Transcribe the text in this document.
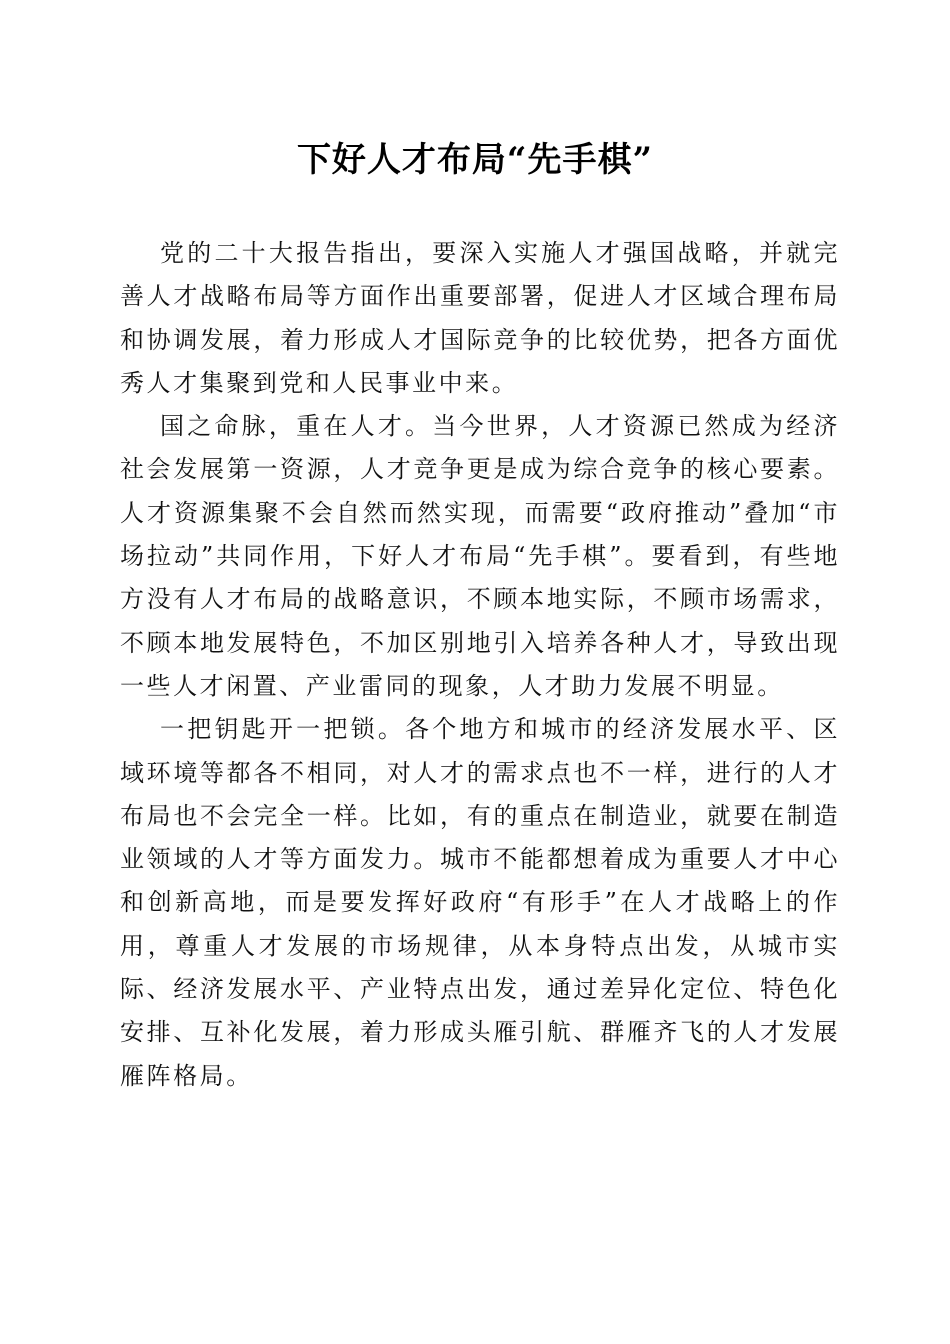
下好人才布局“先手棋”

党的二十大报告指出，要深入实施人才强国战略，并就完善人才战略布局等方面作出重要部署，促进人才区域合理布局和协调发展，着力形成人才国际竞争的比较优势，把各方面优秀人才集聚到党和人民事业中来。

国之命脉，重在人才。当今世界，人才资源已然成为经济社会发展第一资源，人才竞争更是成为综合竞争的核心要素。人才资源集聚不会自然而然实现，而需要“政府推动”叠加“市场拉动”共同作用，下好人才布局“先手棋”。要看到，有些地方没有人才布局的战略意识，不顾本地实际，不顾市场需求，不顾本地发展特色，不加区别地引入培养各种人才，导致出现一些人才闲置、产业雷同的现象，人才助力发展不明显。

一把钥匙开一把锁。各个地方和城市的经济发展水平、区域环境等都各不相同，对人才的需求点也不一样，进行的人才布局也不会完全一样。比如，有的重点在制造业，就要在制造业领域的人才等方面发力。城市不能都想着成为重要人才中心和创新高地，而是要发挥好政府“有形手”在人才战略上的作用，尊重人才发展的市场规律，从本身特点出发，从城市实际、经济发展水平、产业特点出发，通过差异化定位、特色化安排、互补化发展，着力形成头雁引航、群雁齐飞的人才发展雁阵格局。
